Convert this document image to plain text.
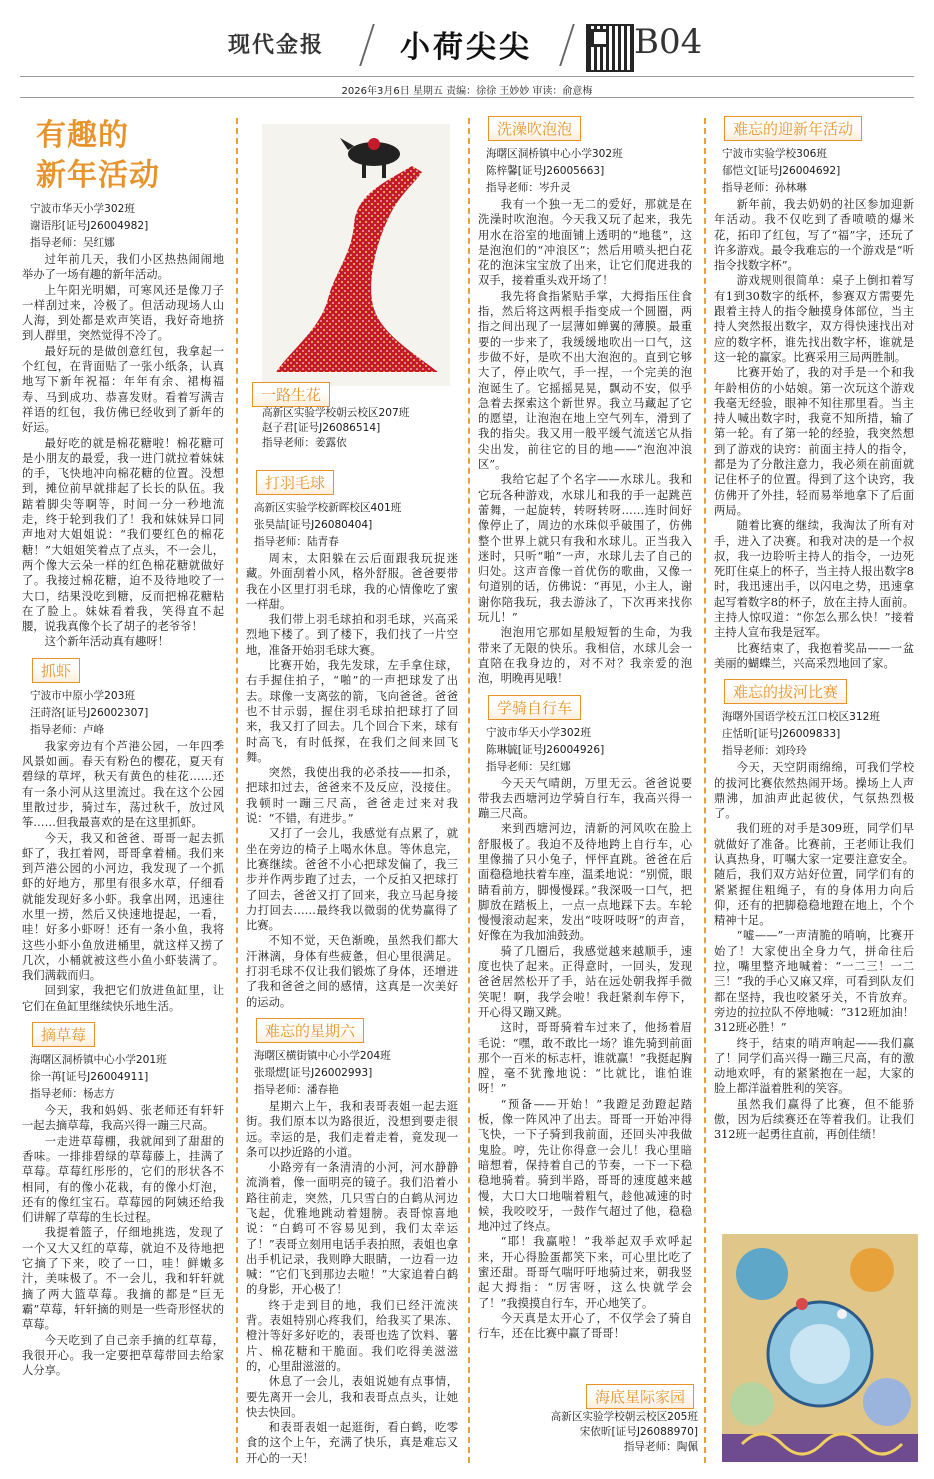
现代金报	小荷尖尖	B04
2026年3月6日 星期五 责编：徐徐 王妙妙 审读：俞意梅
有趣的
新年活动
宁波市华天小学302班
谢语彤[证号J26004982]
指导老师：吴红娜

过年前几天，我们小区热热闹闹地举办了一场有趣的新年活动。

上午阳光明媚，可寒风还是像刀子一样刮过来，冷极了。但活动现场人山人海，到处都是欢声笑语，我好奇地挤到人群里，突然觉得不冷了。

最好玩的是做创意红包，我拿起一个红包，在背面贴了一张小纸条，认真地写下新年祝福：年年有余、裙梅福寿、马到成功、恭喜发财。看着写满吉祥语的红包，我仿佛已经收到了新年的好运。

最好吃的就是棉花糖啦！棉花糖可是小朋友的最爱，我一进门就拉着妹妹的手，飞快地冲向棉花糖的位置。没想到，摊位前早就排起了长长的队伍。我踮着脚尖等啊等，时间一分一秒地流走，终于轮到我们了！我和妹妹异口同声地对大姐姐说：“我们要红色的棉花糖！”大姐姐笑着点了点头，不一会儿，两个像大云朵一样的红色棉花糖就做好了。我接过棉花糖，迫不及待地咬了一大口，结果没吃到糖，反而把棉花糖粘在了脸上。妹妹看着我，笑得直不起腰，说我真像个长了胡子的老爷爷！

这个新年活动真有趣呀！

抓虾
宁波市中原小学203班
汪莳洛[证号J26002307]
指导老师：卢峰

我家旁边有个芦港公园，一年四季风景如画。春天有粉色的樱花，夏天有碧绿的草坪，秋天有黄色的桂花……还有一条小河从这里流过。我在这个公园里散过步，骑过车，荡过秋千，放过风筝……但我最喜欢的是在这里抓虾。

今天，我又和爸爸、哥哥一起去抓虾了，我扛着网，哥哥拿着桶。我们来到芦港公园的小河边，我发现了一个抓虾的好地方，那里有很多水草，仔细看就能发现好多小虾。我拿出网，迅速往水里一捞，然后又快速地提起，一看，哇！好多小虾呀！还有一条小鱼，我将这些小虾小鱼放进桶里，就这样又捞了几次，小桶就被这些小鱼小虾装满了。我们满载而归。

回到家，我把它们放进鱼缸里，让它们在鱼缸里继续快乐地生活。

摘草莓
海曙区洞桥镇中心小学201班
徐一苒[证号J26004911]
指导老师：杨志方

今天，我和妈妈、张老师还有轩轩一起去摘草莓，我高兴得一蹦三尺高。

一走进草莓棚，我就闻到了甜甜的香味。一排排碧绿的草莓藤上，挂满了草莓。草莓红彤彤的，它们的形状各不相同，有的像小花栽，有的像小灯泡，还有的像红宝石。草莓园的阿姨还给我们讲解了草莓的生长过程。

我提着篮子，仔细地挑选，发现了一个又大又红的草莓，就迫不及待地把它摘了下来，咬了一口，哇！鲜嫩多汁，美味极了。不一会儿，我和轩轩就摘了两大篮草莓。我摘的都是“巨无霸”草莓，轩轩摘的则是一些奇形怪状的草莓。

今天吃到了自己亲手摘的红草莓，我很开心。我一定要把草莓带回去给家人分享。

一路生花
高新区实验学校朝云校区207班
赵子君[证号J26086514]
指导老师：姜露依
打羽毛球
高新区实验学校新晖校区401班
张昊喆[证号J26080404]
指导老师：陆青春

周末，太阳躲在云后面跟我玩捉迷藏。外面刮着小风，格外舒服。爸爸要带我在小区里打羽毛球，我的心情像吃了蜜一样甜。

我们带上羽毛球拍和羽毛球，兴高采烈地下楼了。到了楼下，我们找了一片空地，准备开始羽毛球大赛。

比赛开始，我先发球，左手拿住球，右手握住拍子，“啪”的一声把球发了出去。球像一支离弦的箭，飞向爸爸。爸爸也不甘示弱，握住羽毛球拍把球打了回来，我又打了回去。几个回合下来，球有时高飞，有时低探，在我们之间来回飞舞。

突然，我使出我的必杀技——扣杀，把球扣过去，爸爸来不及反应，没接住。我顿时一蹦三尺高，爸爸走过来对我说：“不错，有进步。”

又打了一会儿，我感觉有点累了，就坐在旁边的椅子上喝水休息。等休息完，比赛继续。爸爸不小心把球发偏了，我三步并作两步跑了过去，一个反拍又把球打了回去，爸爸又打了回来，我立马起身接力打回去……最终我以微弱的优势赢得了比赛。

不知不觉，天色渐晚，虽然我们都大汗淋漓，身体有些疲惫，但心里很满足。打羽毛球不仅让我们锻炼了身体，还增进了我和爸爸之间的感情，这真是一次美好的运动。

难忘的星期六
海曙区横街镇中心小学204班
张璟熤[证号J26002993]
指导老师：潘春艳

星期六上午，我和表哥表姐一起去逛街。我们原本以为路很近，没想到要走很远。幸运的是，我们走着走着，竟发现一条可以抄近路的小道。

小路旁有一条清清的小河，河水静静流淌着，像一面明亮的镜子。我们沿着小路往前走，突然，几只雪白的白鹤从河边飞起，优雅地跳动着翅膀。表哥惊喜地说：“白鹤可不容易见到，我们太幸运了！”表哥立刻用电话手表拍照，表姐也拿出手机记录，我则睁大眼睛，一边看一边喊：“它们飞到那边去啦！”大家追着白鹤的身影，开心极了！

终于走到目的地，我们已经汗流浃背。表姐特别心疼我们，给我买了果冻、橙汁等好多好吃的，表哥也选了饮料、薯片、棉花糖和干脆面。我们吃得美滋滋的，心里甜滋滋的。

休息了一会儿，表姐说她有点事情，要先离开一会儿，我和表哥点点头，让她快去快回。

和表哥表姐一起逛街，看白鹤，吃零食的这个上午，充满了快乐，真是难忘又开心的一天！

洗澡吹泡泡
海曙区洞桥镇中心小学302班
陈梓馨[证号J26005663]
指导老师：岑升灵

我有一个独一无二的爱好，那就是在洗澡时吹泡泡。今天我又玩了起来，我先用水在浴室的地面铺上透明的“地毯”，这是泡泡们的“冲浪区”；然后用喷头把白花花的泡沫宝宝放了出来，让它们爬进我的双手，接着重头戏开场了！

我先将食指紧贴手掌，大拇指压住食指，然后将这两根手指变成一个圆圈，两指之间出现了一层薄如蝉翼的薄膜。最重要的一步来了，我缓缓地吹出一口气，这步做不好，是吹不出大泡泡的。直到它够大了，停止吹气，手一捏，一个完美的泡泡诞生了。它摇摇晃晃，飘动不安，似乎急着去探索这个新世界。我立马藏起了它的愿望，让泡泡在地上空气列车，滑到了我的指尖。我又用一般平缓气流送它从指尖出发，前往它的目的地——“泡泡冲浪区”。

我给它起了个名字——水球儿。我和它玩各种游戏，水球儿和我的手一起跳芭蕾舞，一起旋转，转呀转呀……连时间好像停止了，周边的水珠似乎破围了，仿佛整个世界上就只有我和水球儿。正当我入迷时，只听“啪”一声，水球儿去了自己的归处。这声音像一首优伤的歌曲，又像一句道别的话，仿佛说：“再见，小主人，谢谢你陪我玩，我去游泳了，下次再来找你玩儿！”

泡泡用它那如星般短暂的生命，为我带来了无限的快乐。我相信，水球儿会一直陪在我身边的，对不对？我亲爱的泡泡，明晚再见哦！

学骑自行车
宁波市华天小学302班
陈琳毓[证号J26004926]
指导老师：吴红娜

今天天气晴朗，万里无云。爸爸说要带我去西塘河边学骑自行车，我高兴得一蹦三尺高。

来到西塘河边，清新的河风吹在脸上舒服极了。我迫不及待地跨上自行车，心里像揣了只小兔子，怦怦直跳。爸爸在后面稳稳地扶着车座，温柔地说：“别慌，眼睛看前方，脚慢慢踩。”我深吸一口气，把脚放在踏板上，一点一点地踩下去。车轮慢慢滚动起来，发出“吱呀吱呀”的声音，好像在为我加油鼓劲。

骑了几圈后，我感觉越来越顺手，速度也快了起来。正得意时，一回头，发现爸爸居然松开了手，站在远处朝我挥手微笑呢！啊，我学会啦！我赶紧刹车停下，开心得又蹦又跳。

这时，哥哥骑着车过来了，他扬着眉毛说：“嘿，敢不敢比一场？谁先骑到前面那个一百米的标志杆，谁就赢！”我挺起胸膛，毫不犹豫地说：“比就比，谁怕谁呀！”

“预备——开始！”我蹬足劲蹬起踏板，像一阵风冲了出去。哥哥一开始冲得飞快，一下子骑到我前面，还回头冲我做鬼脸。哼，先让你得意一会儿！我心里暗暗想着，保持着自己的节奏，一下一下稳稳地骑着。骑到半路，哥哥的速度越来越慢，大口大口地喘着粗气，趁他减速的时候，我咬咬牙，一鼓作气超过了他，稳稳地冲过了终点。

“耶！我赢啦！”我举起双手欢呼起来，开心得脸蛋都笑下来，可心里比吃了蜜还甜。哥哥气喘吁吁地骑过来，朝我竖起大拇指：“厉害呀，这么快就学会了！”我摸摸自行车，开心地笑了。

今天真是太开心了，不仅学会了骑自行车，还在比赛中赢了哥哥！

海底星际家园
高新区实验学校朝云校区205班
宋依昕[证号J26088970]
指导老师：陶佩
难忘的迎新年活动
宁波市实验学校306班
郁恺文[证号J26004692]
指导老师：孙林琳

新年前，我去奶奶的社区参加迎新年活动。我不仅吃到了香喷喷的爆米花，拓印了红包，写了“福”字，还玩了许多游戏。最令我难忘的一个游戏是“听指令找数字杯”。

游戏规则很简单：桌子上倒扣着写有1到30数字的纸杯，参赛双方需要先跟着主持人的指令触摸身体部位，当主持人突然报出数字，双方得快速找出对应的数字杯，谁先找出数字杯，谁就是这一轮的赢家。比赛采用三局两胜制。

比赛开始了，我的对手是一个和我年龄相仿的小姑娘。第一次玩这个游戏我毫无经验，眼神不知往那里看。当主持人喊出数字时，我竟不知所措，输了第一轮。有了第一轮的经验，我突然想到了游戏的诀窍：前面主持人的指令，都是为了分散注意力，我必须在前面就记住杯子的位置。得到了这个诀窍，我仿佛开了外挂，轻而易举地拿下了后面两局。

随着比赛的继续，我淘汰了所有对手，进入了决赛。和我对决的是一个叔叔，我一边聆听主持人的指令，一边死死盯住桌上的杯子，当主持人报出数字8时，我迅速出手，以闪电之势，迅速拿起写着数字8的杯子，放在主持人面前。主持人惊叹道：“你怎么那么快！”接着主持人宣布我是冠军。

比赛结束了，我抱着奖品——一盆美丽的蝴蝶兰，兴高采烈地回了家。

难忘的拔河比赛
海曙外国语学校五江口校区312班
庄恬昕[证号J26009833]
指导老师：刘玲玲

今天，天空阴雨绵绵，可我们学校的拔河比赛依然热闹开场。操场上人声鼎沸，加油声此起彼伏，气氛热烈极了。

我们班的对手是309班，同学们早就做好了准备。比赛前，王老师让我们认真热身，叮嘱大家一定要注意安全。随后，我们双方站好位置，同学们有的紧紧握住粗绳子，有的身体用力向后仰，还有的把脚稳稳地蹬在地上，个个精神十足。

“嘘——”一声清脆的哨响，比赛开始了！大家使出全身力气，拼命往后拉，嘴里整齐地喊着：“一二三！一二三！”我的手心又麻又痒，可看到队友们都在坚持，我也咬紧牙关，不肯放弃。旁边的拉拉队不停地喊：“312班加油！312班必胜！”

终于，结束的哨声响起——我们赢了！同学们高兴得一蹦三尺高，有的激动地欢呼，有的紧紧抱在一起，大家的脸上都洋溢着胜利的笑容。

虽然我们赢得了比赛，但不能骄傲，因为后续赛还在等着我们。让我们312班一起勇往直前，再创佳绩！
